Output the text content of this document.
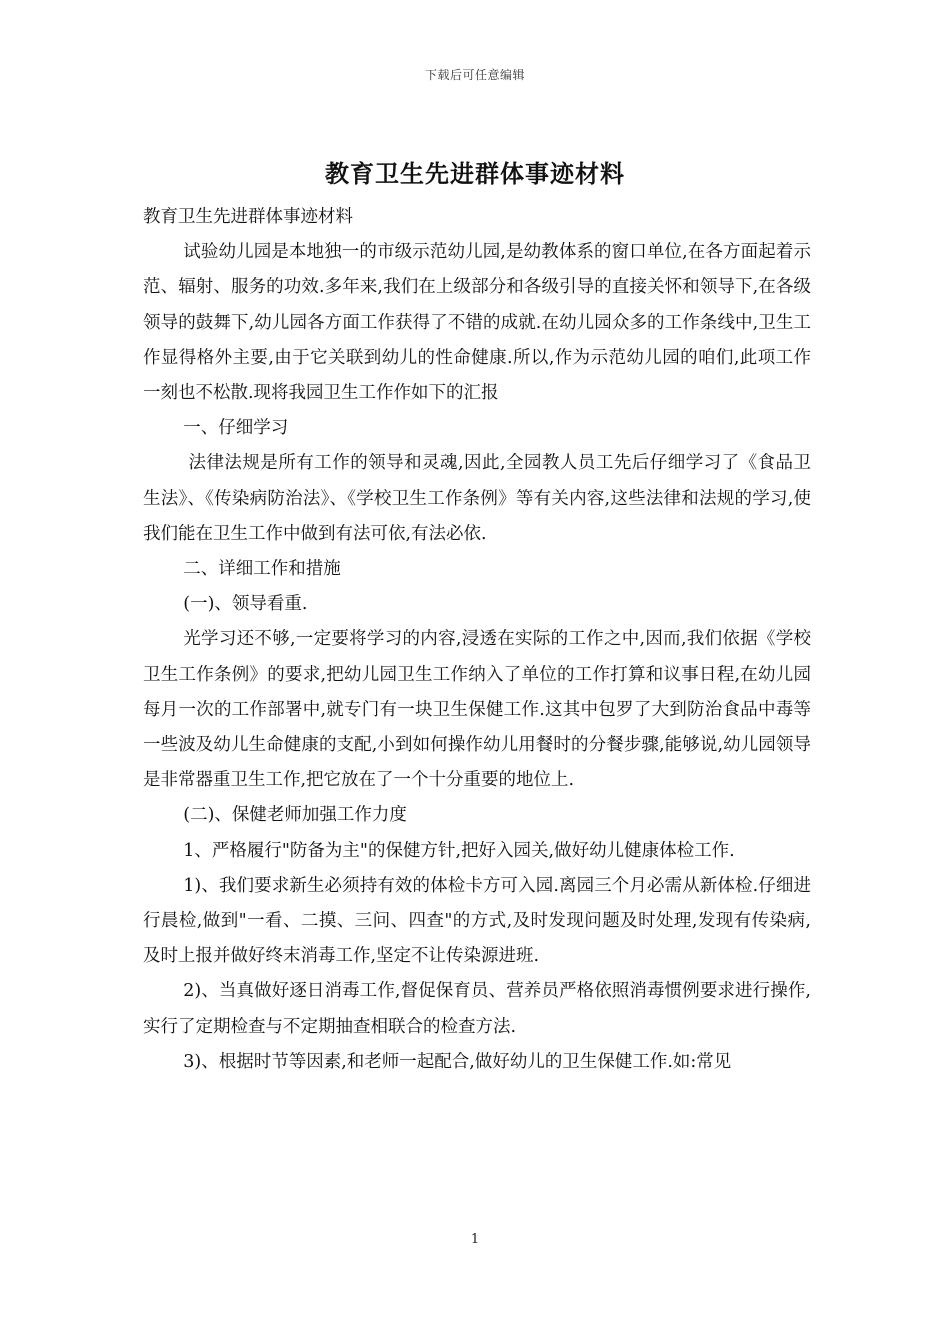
下载后可任意编辑
教育卫生先进群体事迹材料

教育卫生先进群体事迹材料

试验幼儿园是本地独一的市级示范幼儿园,是幼教体系的窗口单位,在各方面起着示范、辐射、服务的功效.多年来,我们在上级部分和各级引导的直接关怀和领导下,在各级领导的鼓舞下,幼儿园各方面工作获得了不错的成就.在幼儿园众多的工作条线中,卫生工作显得格外主要,由于它关联到幼儿的性命健康.所以,作为示范幼儿园的咱们,此项工作一刻也不松散.现将我园卫生工作作如下的汇报

一、仔细学习

法律法规是所有工作的领导和灵魂,因此,全园教人员工先后仔细学习了《食品卫生法》、《传染病防治法》、《学校卫生工作条例》等有关内容,这些法律和法规的学习,使我们能在卫生工作中做到有法可依,有法必依.

二、详细工作和措施

(一)、领导看重.

光学习还不够,一定要将学习的内容,浸透在实际的工作之中,因而,我们依据《学校卫生工作条例》的要求,把幼儿园卫生工作纳入了单位的工作打算和议事日程,在幼儿园每月一次的工作部署中,就专门有一块卫生保健工作.这其中包罗了大到防治食品中毒等一些波及幼儿生命健康的支配,小到如何操作幼儿用餐时的分餐步骤,能够说,幼儿园领导是非常器重卫生工作,把它放在了一个十分重要的地位上.

(二)、保健老师加强工作力度

1、严格履行"防备为主"的保健方针,把好入园关,做好幼儿健康体检工作.

1)、我们要求新生必须持有效的体检卡方可入园.离园三个月必需从新体检.仔细进行晨检,做到"一看、二摸、三问、四查"的方式,及时发现问题及时处理,发现有传染病,及时上报并做好终末消毒工作,坚定不让传染源进班.

2)、当真做好逐日消毒工作,督促保育员、营养员严格依照消毒惯例要求进行操作,实行了定期检查与不定期抽查相联合的检查方法.

3)、根据时节等因素,和老师一起配合,做好幼儿的卫生保健工作.如:常见

1
